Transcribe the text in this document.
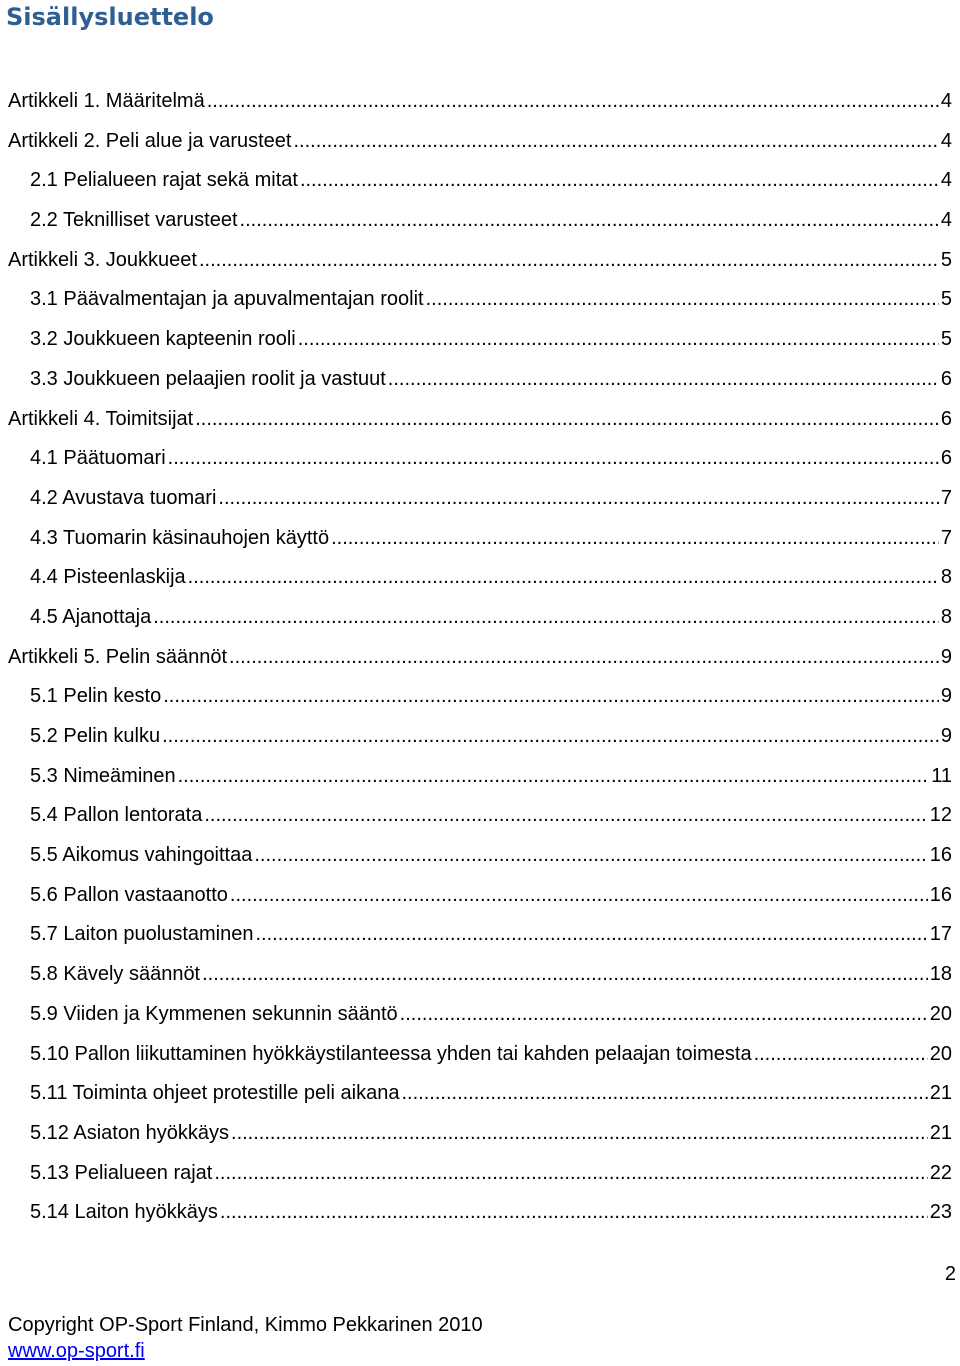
Sisällysluettelo
Artikkeli 1. Määritelmä .....	4
Artikkeli 2. Peli alue ja varusteet .....	4
2.1 Pelialueen rajat sekä mitat .....	4
2.2 Teknilliset varusteet .....	4
Artikkeli 3. Joukkueet .....	5
3.1 Päävalmentajan ja apuvalmentajan roolit .....	5
3.2 Joukkueen kapteenin rooli .....	5
3.3 Joukkueen pelaajien roolit ja vastuut .....	6
Artikkeli 4. Toimitsijat .....	6
4.1 Päätuomari .....	6
4.2 Avustava tuomari .....	7
4.3 Tuomarin käsinauhojen käyttö .....	7
4.4 Pisteenlaskija .....	8
4.5 Ajanottaja .....	8
Artikkeli 5. Pelin säännöt .....	9
5.1 Pelin kesto .....	9
5.2 Pelin kulku .....	9
5.3 Nimeäminen .....	11
5.4 Pallon lentorata .....	12
5.5 Aikomus vahingoittaa .....	16
5.6 Pallon vastaanotto .....	16
5.7 Laiton puolustaminen .....	17
5.8 Kävely säännöt .....	18
5.9 Viiden ja Kymmenen sekunnin sääntö .....	20
5.10 Pallon liikuttaminen hyökkäystilanteessa yhden tai kahden pelaajan toimesta .....	20
5.11 Toiminta ohjeet protestille peli aikana .....	21
5.12 Asiaton hyökkäys .....	21
5.13 Pelialueen rajat .....	22
5.14 Laiton hyökkäys .....	23
2
Copyright OP-Sport Finland, Kimmo Pekkarinen 2010
www.op-sport.fi
